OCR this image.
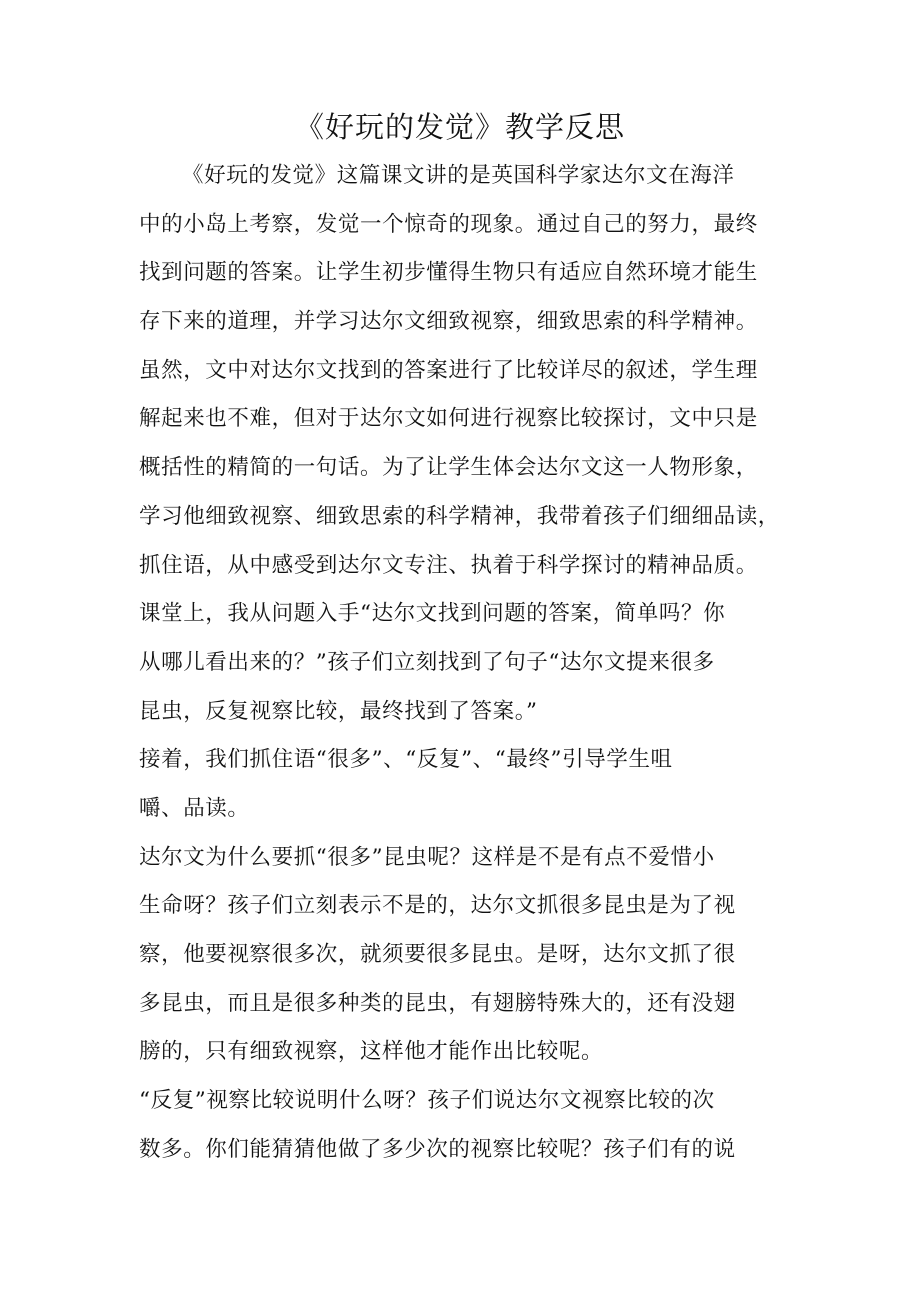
《好玩的发觉》教学反思
《好玩的发觉》这篇课文讲的是英国科学家达尔文在海洋
中的小岛上考察，发觉一个惊奇的现象。通过自己的努力，最终
找到问题的答案。让学生初步懂得生物只有适应自然环境才能生
存下来的道理，并学习达尔文细致视察，细致思索的科学精神。
虽然，文中对达尔文找到的答案进行了比较详尽的叙述，学生理
解起来也不难，但对于达尔文如何进行视察比较探讨，文中只是
概括性的精简的一句话。为了让学生体会达尔文这一人物形象，
学习他细致视察、细致思索的科学精神，我带着孩子们细细品读，
抓住语，从中感受到达尔文专注、执着于科学探讨的精神品质。
课堂上，我从问题入手“达尔文找到问题的答案，简单吗？你
从哪儿看出来的？”孩子们立刻找到了句子“达尔文提来很多
昆虫，反复视察比较，最终找到了答案。”
接着，我们抓住语“很多”、“反复”、“最终”引导学生咀
嚼、品读。
达尔文为什么要抓“很多”昆虫呢？这样是不是有点不爱惜小
生命呀？孩子们立刻表示不是的，达尔文抓很多昆虫是为了视
察，他要视察很多次，就须要很多昆虫。是呀，达尔文抓了很
多昆虫，而且是很多种类的昆虫，有翅膀特殊大的，还有没翅
膀的，只有细致视察，这样他才能作出比较呢。
“反复”视察比较说明什么呀？孩子们说达尔文视察比较的次
数多。你们能猜猜他做了多少次的视察比较呢？孩子们有的说
